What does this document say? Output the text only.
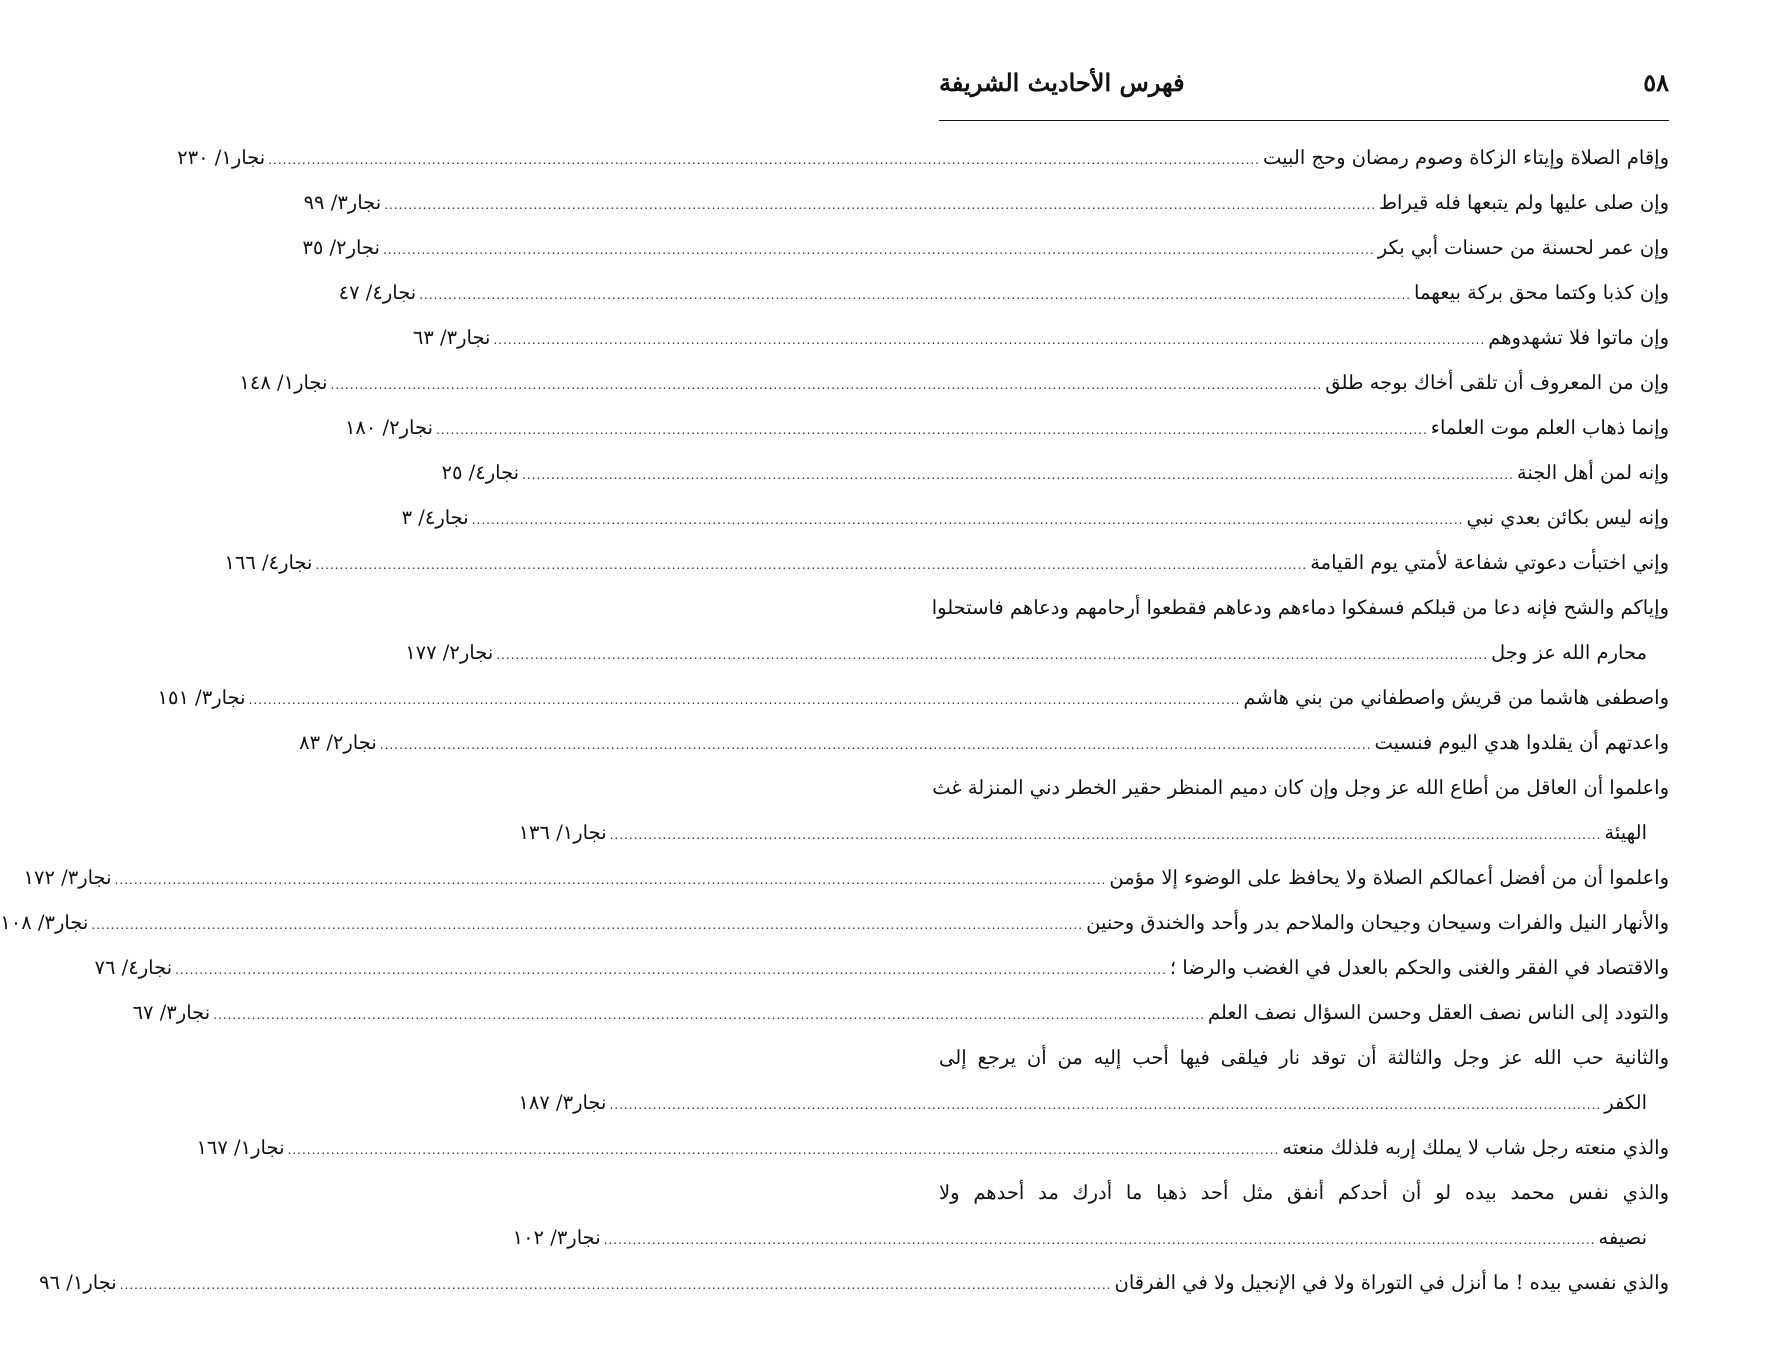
٥٨
فهرس الأحاديث الشريفة
وإقام الصلاة وإيتاء الزكاة وصوم رمضان وحج البيت
.....
نجار١/ ٢٣٠
وإن صلى عليها ولم يتبعها فله قيراط
.....
نجار٣/ ٩٩
وإن عمر لحسنة من حسنات أبي بكر
.....
نجار٢/ ٣٥
وإن كذبا وكتما محق بركة بيعهما
.....
نجار٤/ ٤٧
وإن ماتوا فلا تشهدوهم
.....
نجار٣/ ٦٣
وإن من المعروف أن تلقى أخاك بوجه طلق
.....
نجار١/ ١٤٨
وإنما ذهاب العلم موت العلماء
.....
نجار٢/ ١٨٠
وإنه لمن أهل الجنة
.....
نجار٤/ ٢٥
وإنه ليس بكائن بعدي نبي
.....
نجار٤/ ٣
وإني اختبأت دعوتي شفاعة لأمتي يوم القيامة
.....
نجار٤/ ١٦٦
وإياكم والشح فإنه دعا من قبلكم فسفكوا دماءهم ودعاهم فقطعوا أرحامهم ودعاهم فاستحلوا
محارم الله عز وجل
.....
نجار٢/ ١٧٧
واصطفى هاشما من قريش واصطفاني من بني هاشم
.....
نجار٣/ ١٥١
واعدتهم أن يقلدوا هدي اليوم فنسيت
.....
نجار٢/ ٨٣
واعلموا أن العاقل من أطاع الله عز وجل وإن كان دميم المنظر حقير الخطر دني المنزلة غث
الهيئة
.....
نجار١/ ١٣٦
واعلموا أن من أفضل أعمالكم الصلاة ولا يحافظ على الوضوء إلا مؤمن
.....
نجار٣/ ١٧٢
والأنهار النيل والفرات وسيحان وجيحان والملاحم بدر وأحد والخندق وحنين
.....
نجار٣/ ١٠٨
والاقتصاد في الفقر والغنى والحكم بالعدل في الغضب والرضا ؛
.....
نجار٤/ ٧٦
والتودد إلى الناس نصف العقل وحسن السؤال نصف العلم
.....
نجار٣/ ٦٧
والثانية حب الله عز وجل والثالثة أن توقد نار فيلقى فيها أحب إليه من أن يرجع إلى
الكفر
.....
نجار٣/ ١٨٧
والذي منعته رجل شاب لا يملك إربه فلذلك منعته
.....
نجار١/ ١٦٧
والذي نفس محمد بيده لو أن أحدكم أنفق مثل أحد ذهبا ما أدرك مد أحدهم ولا
نصيفه
.....
نجار٣/ ١٠٢
والذي نفسي بيده ! ما أنزل في التوراة ولا في الإنجيل ولا في الفرقان
.....
نجار١/ ٩٦
